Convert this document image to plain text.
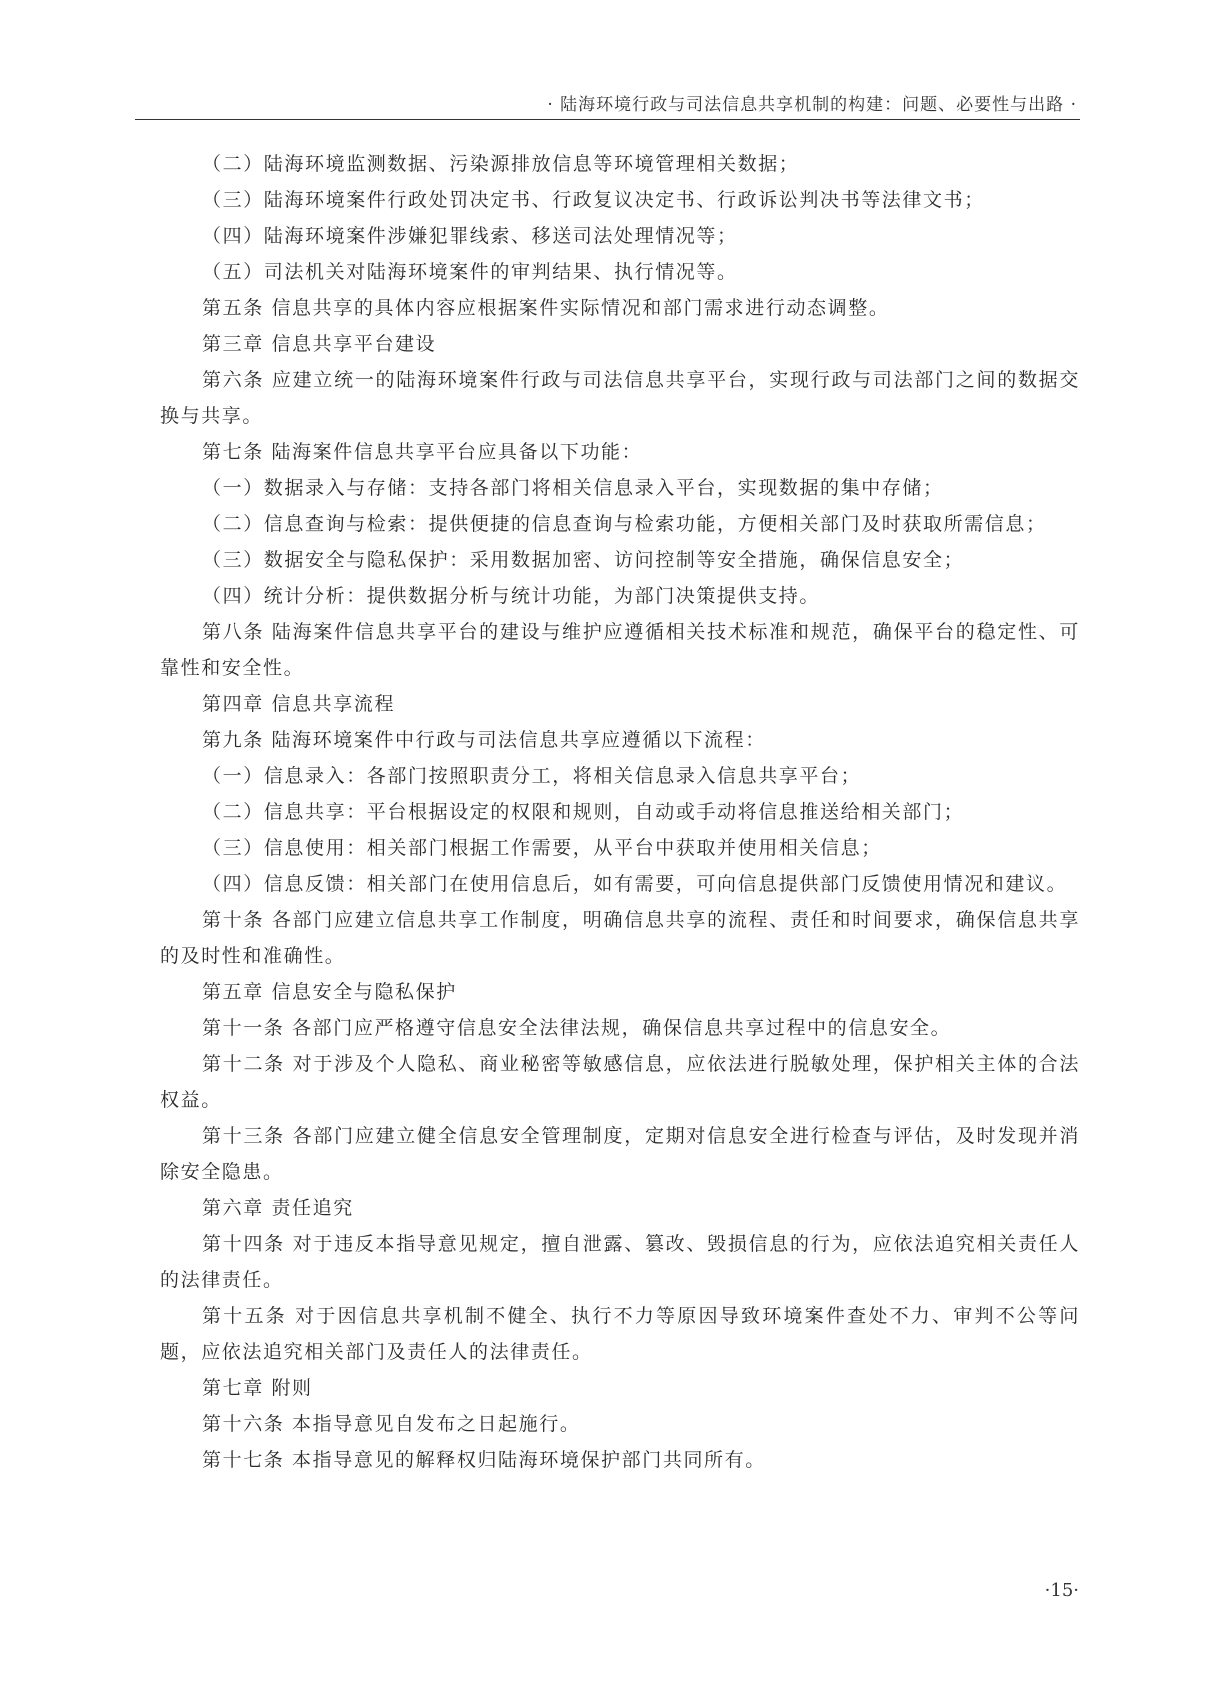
· 陆海环境行政与司法信息共享机制的构建：问题、必要性与出路 ·

（二）陆海环境监测数据、污染源排放信息等环境管理相关数据；

（三）陆海环境案件行政处罚决定书、行政复议决定书、行政诉讼判决书等法律文书；

（四）陆海环境案件涉嫌犯罪线索、移送司法处理情况等；

（五）司法机关对陆海环境案件的审判结果、执行情况等。

第五条 信息共享的具体内容应根据案件实际情况和部门需求进行动态调整。

第三章 信息共享平台建设

第六条 应建立统一的陆海环境案件行政与司法信息共享平台，实现行政与司法部门之间的数据交换与共享。

第七条 陆海案件信息共享平台应具备以下功能：

（一）数据录入与存储：支持各部门将相关信息录入平台，实现数据的集中存储；

（二）信息查询与检索：提供便捷的信息查询与检索功能，方便相关部门及时获取所需信息；

（三）数据安全与隐私保护：采用数据加密、访问控制等安全措施，确保信息安全；

（四）统计分析：提供数据分析与统计功能，为部门决策提供支持。

第八条 陆海案件信息共享平台的建设与维护应遵循相关技术标准和规范，确保平台的稳定性、可靠性和安全性。

第四章 信息共享流程

第九条 陆海环境案件中行政与司法信息共享应遵循以下流程：

（一）信息录入：各部门按照职责分工，将相关信息录入信息共享平台；

（二）信息共享：平台根据设定的权限和规则，自动或手动将信息推送给相关部门；

（三）信息使用：相关部门根据工作需要，从平台中获取并使用相关信息；

（四）信息反馈：相关部门在使用信息后，如有需要，可向信息提供部门反馈使用情况和建议。

第十条 各部门应建立信息共享工作制度，明确信息共享的流程、责任和时间要求，确保信息共享的及时性和准确性。

第五章 信息安全与隐私保护

第十一条 各部门应严格遵守信息安全法律法规，确保信息共享过程中的信息安全。

第十二条 对于涉及个人隐私、商业秘密等敏感信息，应依法进行脱敏处理，保护相关主体的合法权益。

第十三条 各部门应建立健全信息安全管理制度，定期对信息安全进行检查与评估，及时发现并消除安全隐患。

第六章 责任追究

第十四条 对于违反本指导意见规定，擅自泄露、篡改、毁损信息的行为，应依法追究相关责任人的法律责任。

第十五条 对于因信息共享机制不健全、执行不力等原因导致环境案件查处不力、审判不公等问题，应依法追究相关部门及责任人的法律责任。

第七章 附则

第十六条 本指导意见自发布之日起施行。

第十七条 本指导意见的解释权归陆海环境保护部门共同所有。

·15·
